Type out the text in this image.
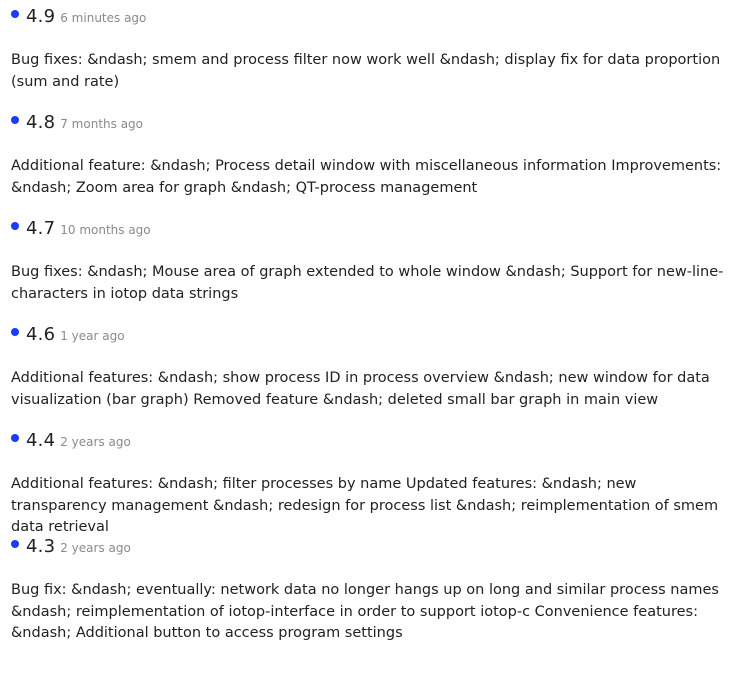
4.9 6 minutes ago
Bug fixes: &ndash; smem and process filter now work well &ndash; display fix for data proportion (sum and rate)
4.8 7 months ago
Additional feature: &ndash; Process detail window with miscellaneous information Improvements: &ndash; Zoom area for graph &ndash; QT-process management
4.7 10 months ago
Bug fixes: &ndash; Mouse area of graph extended to whole window &ndash; Support for new-line-characters in iotop data strings
4.6 1 year ago
Additional features: &ndash; show process ID in process overview &ndash; new window for data visualization (bar graph) Removed feature &ndash; deleted small bar graph in main view
4.4 2 years ago
Additional features: &ndash; filter processes by name Updated features: &ndash; new transparency management &ndash; redesign for process list &ndash; reimplementation of smem data retrieval
4.3 2 years ago
Bug fix: &ndash; eventually: network data no longer hangs up on long and similar process names &ndash; reimplementation of iotop-interface in order to support iotop-c Convenience features: &ndash; Additional button to access program settings
